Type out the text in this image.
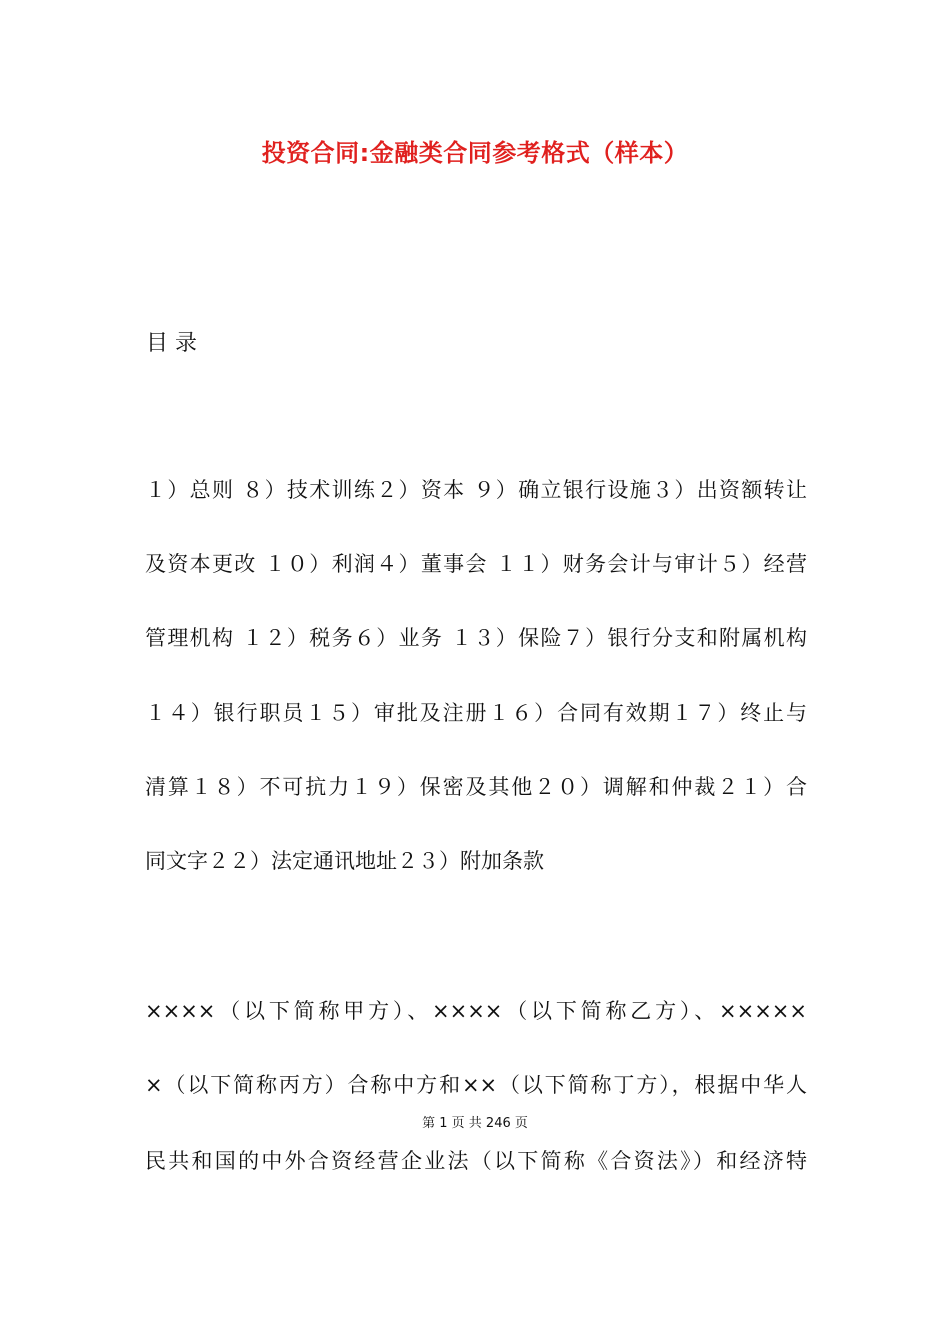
投资合同:金融类合同参考格式（样本）
目 录
１）总则 ８）技术训练２）资本 ９）确立银行设施３）出资额转让
及资本更改 １０）利润４）董事会 １１）财务会计与审计５）经营
管理机构 １２）税务６）业务 １３）保险７）银行分支和附属机构
１４）银行职员１５）审批及注册１６）合同有效期１７）终止与
清算１８）不可抗力１９）保密及其他２０）调解和仲裁２１）合
同文字２２）法定通讯地址２３）附加条款
××××（以下简称甲方）、××××（以下简称乙方）、×××××
×（以下简称丙方）合称中方和××（以下简称丁方），根据中华人
民共和国的中外合资经营企业法（以下简称《合资法》）和经济特
第 1 页 共 246 页
